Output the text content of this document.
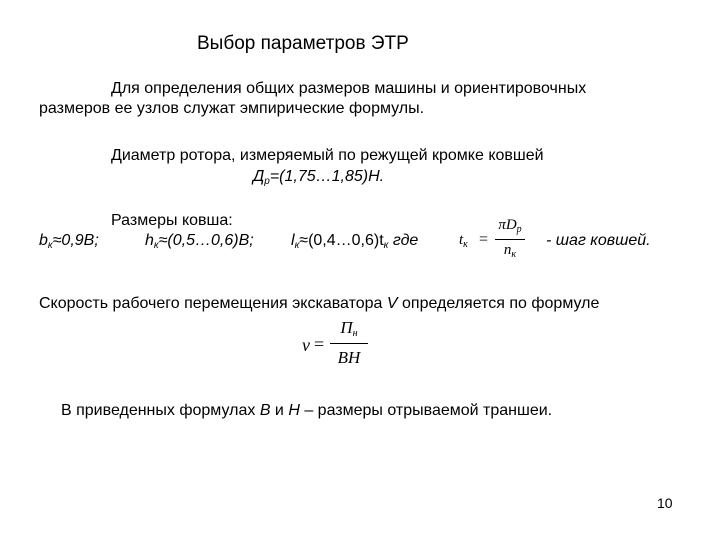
Выбор параметров ЭТР
Для определения общих размеров машины и ориентировочных
размеров ее узлов служат эмпирические формулы.
Диаметр ротора, измеряемый по режущей кромке ковшей
$Д_р=(1,75\dots 1,85)Н$.
Размеры ковша:
$b_к\approx 0,9В$;	$h_к\approx(0,5\dots 0,6)В$; $l_к\approx(0,4\dots 0,6)t_к$ где	$t_к$ =
$\pi D_р$
$n_к$
- шаг ковшей.
Скорость рабочего перемещения экскаватора V определяется по формуле
v =
$П_н$
ВН
В приведенных формулах В и Н – размеры отрываемой траншеи.
10
